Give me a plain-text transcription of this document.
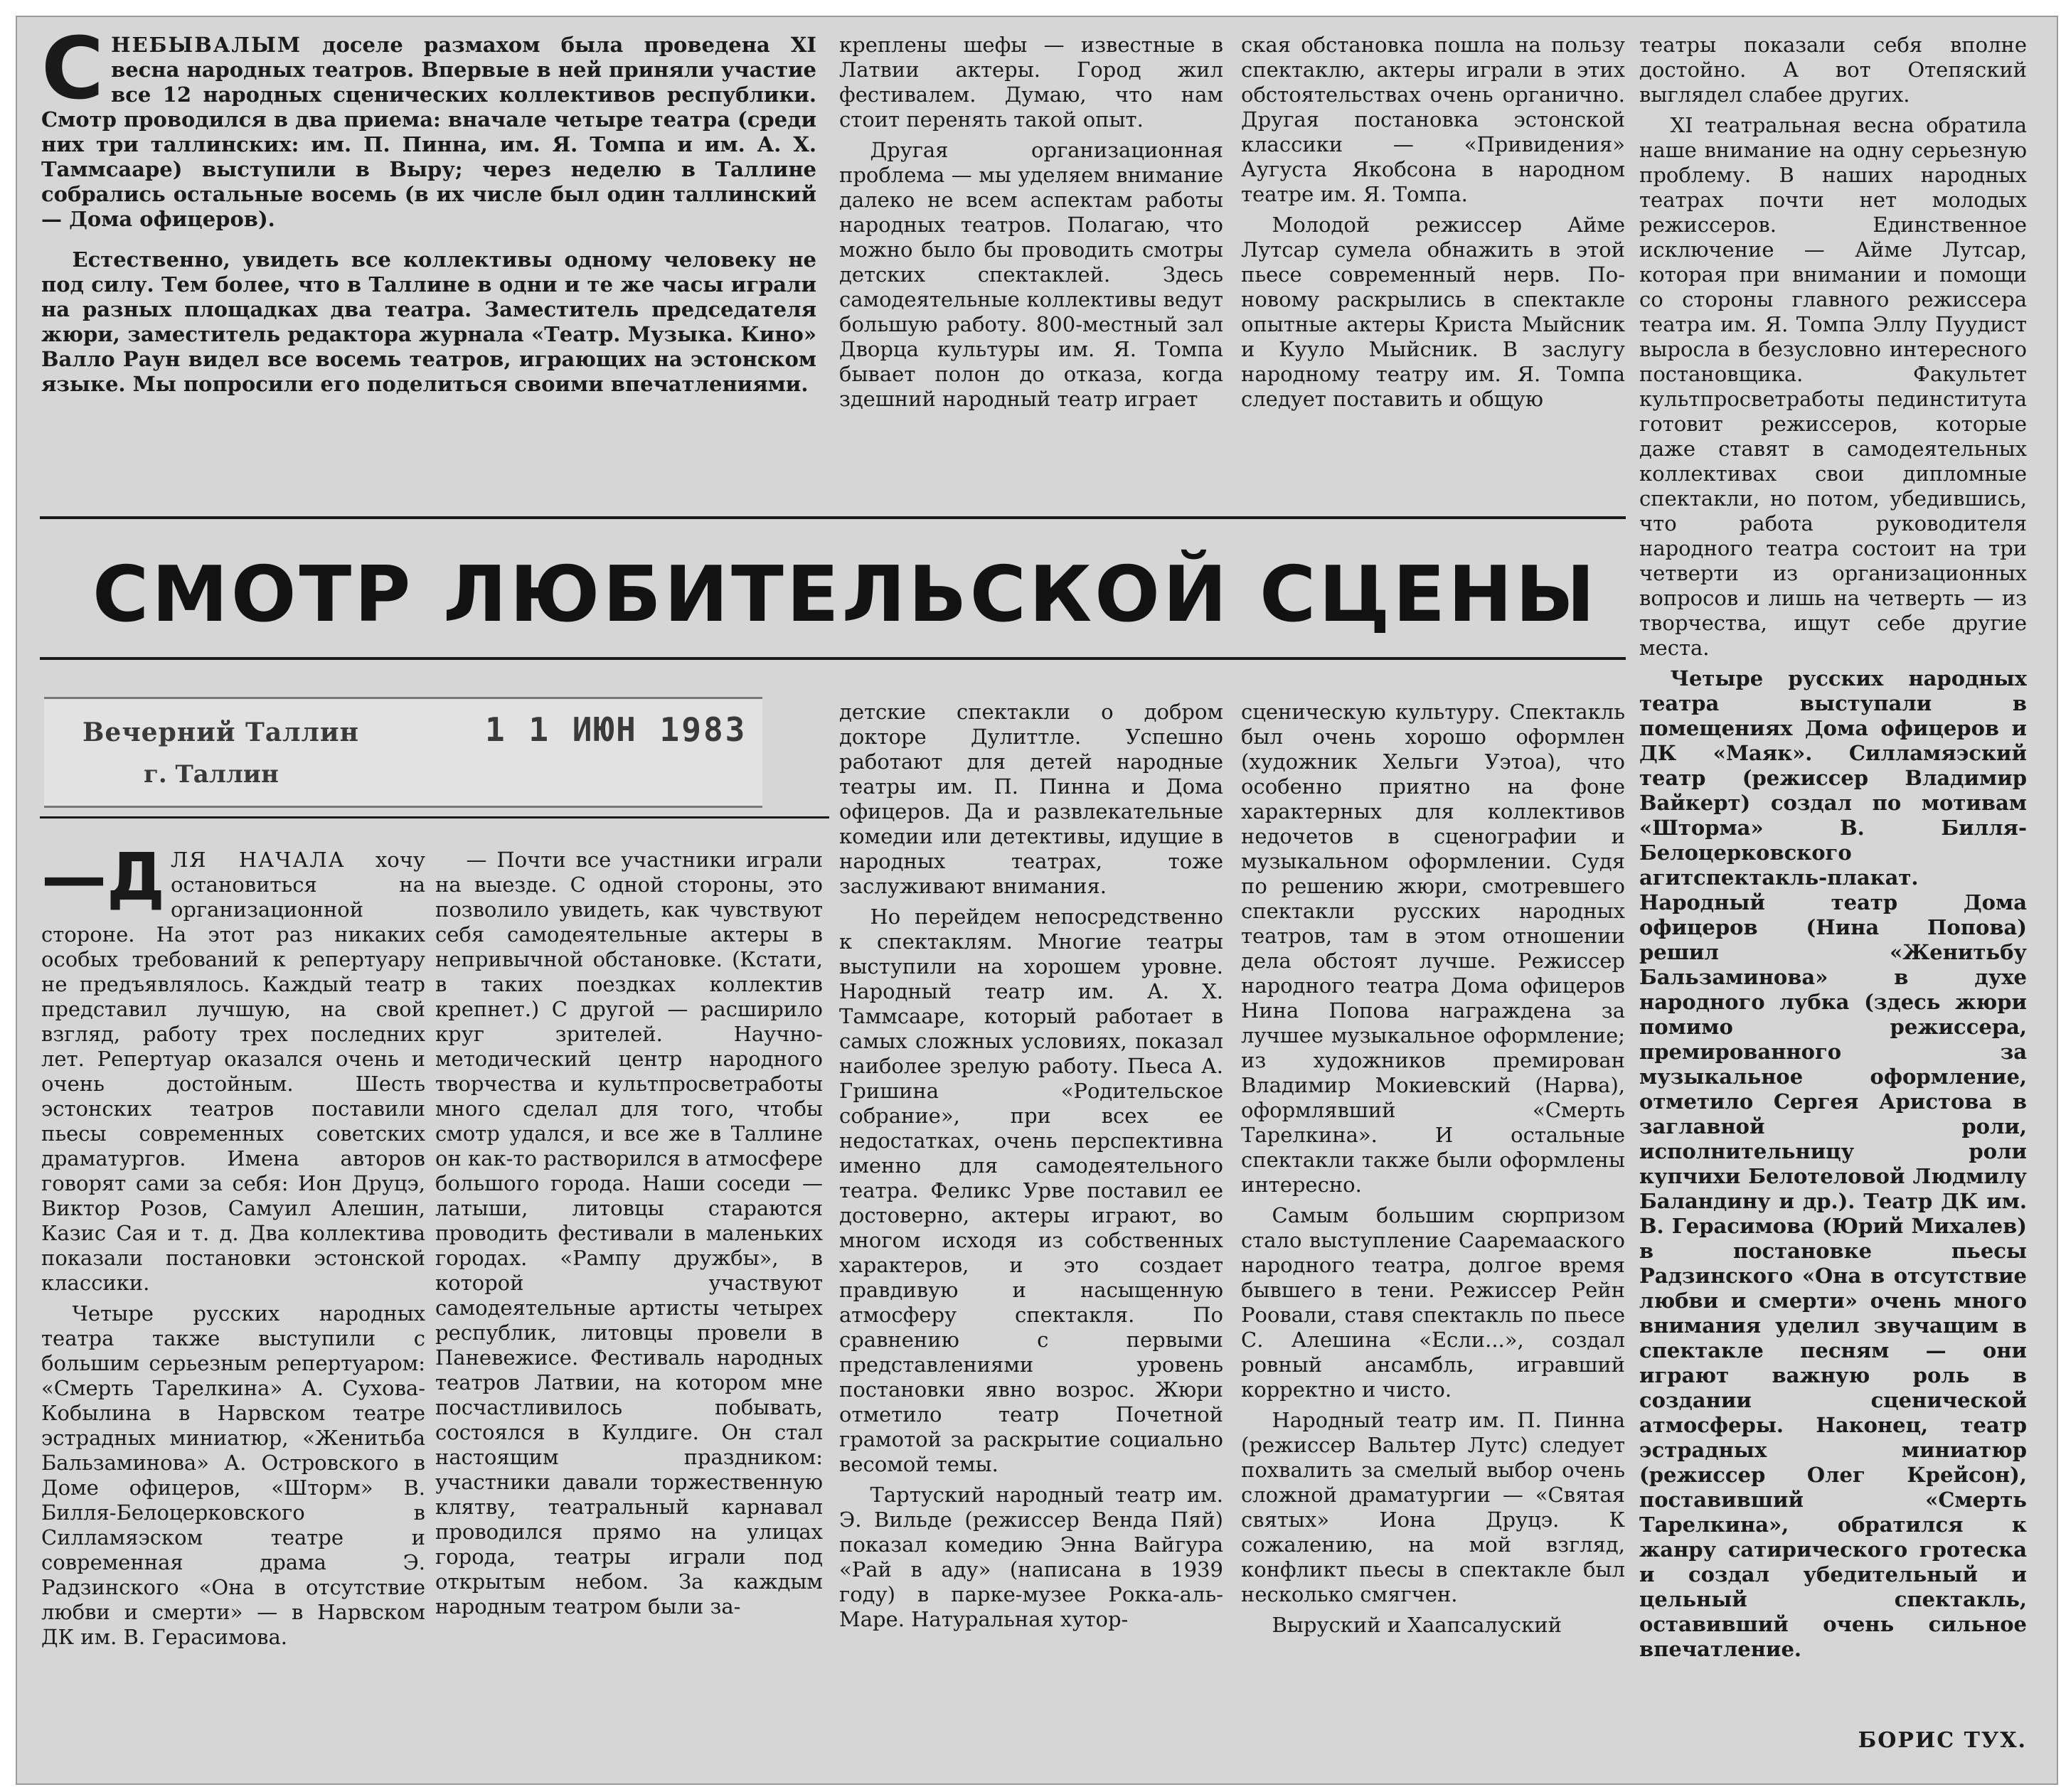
СНЕБЫВАЛЫМ доселе размахом была проведена XI весна народных театров. Впервые в ней приняли участие все 12 народных сценических коллективов республики. Смотр проводился в два приема: вначале четыре театра (среди них три таллинских: им. П. Пинна, им. Я. Томпа и им. А. Х. Таммсааре) выступили в Выру; через неделю в Таллине собрались остальные восемь (в их числе был один таллинский — Дома офицеров).

Естественно, увидеть все коллективы одному человеку не под силу. Тем более, что в Таллине в одни и те же часы играли на разных площадках два театра. Заместитель председателя жюри, заместитель редактора журнала «Театр. Музыка. Кино» Валло Раун видел все восемь театров, играющих на эстонском языке. Мы попросили его поделиться своими впечатлениями.

креплены шефы — известные в Латвии актеры. Город жил фестивалем. Думаю, что нам стоит перенять такой опыт.

Другая организационная проблема — мы уделяем внимание далеко не всем аспектам работы народных театров. Полагаю, что можно было бы проводить смотры детских спектаклей. Здесь самодеятельные коллективы ведут большую работу. 800-местный зал Дворца культуры им. Я. Томпа бывает полон до отказа, когда здешний народный театр играет

ская обстановка пошла на пользу спектаклю, актеры играли в этих обстоятельствах очень органично. Другая постановка эстонской классики — «Привидения» Аугуста Якобсона в народном театре им. Я. Томпа.

Молодой режиссер Айме Лутсар сумела обнажить в этой пьесе современный нерв. По-новому раскрылись в спектакле опытные актеры Криста Мыйсник и Кууло Мыйсник. В заслугу народному театру им. Я. Томпа следует поставить и общую

театры показали себя вполне достойно. А вот Отепяский выглядел слабее других.

XI театральная весна обратила наше внимание на одну серьезную проблему. В наших народных театрах почти нет молодых режиссеров. Единственное исключение — Айме Лутсар, которая при внимании и помощи со стороны главного режиссера театра им. Я. Томпа Эллу Пуудист выросла в безусловно интересного постановщика. Факультет культпросветработы пединститута готовит режиссеров, которые даже ставят в самодеятельных коллективах свои дипломные спектакли, но потом, убедившись, что работа руководителя народного театра состоит на три четверти из организационных вопросов и лишь на четверть — из творчества, ищут себе другие места.

Четыре русских народных театра выступали в помещениях Дома офицеров и ДК «Маяк». Силламяэский театр (режиссер Владимир Вайкерт) создал по мотивам «Шторма» В. Билля-Белоцерковского агитспектакль-плакат. Народный театр Дома офицеров (Нина Попова) решил «Женитьбу Бальзаминова» в духе народного лубка (здесь жюри помимо режиссера, премированного за музыкальное оформление, отметило Сергея Аристова в заглавной роли, исполнительницу роли купчихи Белотеловой Людмилу Баландину и др.). Театр ДК им. В. Герасимова (Юрий Михалев) в постановке пьесы Радзинского «Она в отсутствие любви и смерти» очень много внимания уделил звучащим в спектакле песням — они играют важную роль в создании сценической атмосферы. Наконец, театр эстрадных миниатюр (режиссер Олег Крейсон), поставивший «Смерть Тарелкина», обратился к жанру сатирического гротеска и создал убедительный и цельный спектакль, оставивший очень сильное впечатление.

СМОТР ЛЮБИТЕЛЬСКОЙ СЦЕНЫ
Вечерний Таллин	1 1 ИЮН 1983
г. Таллин

—Д ЛЯ НАЧАЛА хочу остановиться на организационной стороне. На этот раз никаких особых требований к репертуару не предъявлялось. Каждый театр представил лучшую, на свой взгляд, работу трех последних лет. Репертуар оказался очень и очень достойным. Шесть эстонских театров поставили пьесы современных советских драматургов. Имена авторов говорят сами за себя: Ион Друцэ, Виктор Розов, Самуил Алешин, Казис Сая и т. д. Два коллектива показали постановки эстонской классики.

Четыре русских народных театра также выступили с большим серьезным репертуаром: «Смерть Тарелкина» А. Сухова-Кобылина в Нарвском театре эстрадных миниатюр, «Женитьба Бальзаминова» А. Островского в Доме офицеров, «Шторм» В. Билля-Белоцерковского в Силламяэском театре и современная драма Э. Радзинского «Она в отсутствие любви и смерти» — в Нарвском ДК им. В. Герасимова.

— Почти все участники играли на выезде. С одной стороны, это позволило увидеть, как чувствуют себя самодеятельные актеры в непривычной обстановке. (Кстати, в таких поездках коллектив крепнет.) С другой — расширило круг зрителей. Научно-методический центр народного творчества и культпросветработы много сделал для того, чтобы смотр удался, и все же в Таллине он как-то растворился в атмосфере большого города. Наши соседи — латыши, литовцы стараются проводить фестивали в маленьких городах. «Рампу дружбы», в которой участвуют самодеятельные артисты четырех республик, литовцы провели в Паневежисе. Фестиваль народных театров Латвии, на котором мне посчастливилось побывать, состоялся в Кулдиге. Он стал настоящим праздником: участники давали торжественную клятву, театральный карнавал проводился прямо на улицах города, театры играли под открытым небом. За каждым народным театром были за-

детские спектакли о добром докторе Дулиттле. Успешно работают для детей народные театры им. П. Пинна и Дома офицеров. Да и развлекательные комедии или детективы, идущие в народных театрах, тоже заслуживают внимания.

Но перейдем непосредственно к спектаклям. Многие театры выступили на хорошем уровне. Народный театр им. А. Х. Таммсааре, который работает в самых сложных условиях, показал наиболее зрелую работу. Пьеса А. Гришина «Родительское собрание», при всех ее недостатках, очень перспективна именно для самодеятельного театра. Феликс Урве поставил ее достоверно, актеры играют, во многом исходя из собственных характеров, и это создает правдивую и насыщенную атмосферу спектакля. По сравнению с первыми представлениями уровень постановки явно возрос. Жюри отметило театр Почетной грамотой за раскрытие социально весомой темы.

Тартуский народный театр им. Э. Вильде (режиссер Венда Пяй) показал комедию Энна Вайгура «Рай в аду» (написана в 1939 году) в парке-музее Рокка-аль-Маре. Натуральная хутор-

сценическую культуру. Спектакль был очень хорошо оформлен (художник Хельги Уэтоа), что особенно приятно на фоне характерных для коллективов недочетов в сценографии и музыкальном оформлении. Судя по решению жюри, смотревшего спектакли русских народных театров, там в этом отношении дела обстоят лучше. Режиссер народного театра Дома офицеров Нина Попова награждена за лучшее музыкальное оформление; из художников премирован Владимир Мокиевский (Нарва), оформлявший «Смерть Тарелкина». И остальные спектакли также были оформлены интересно.

Самым большим сюрпризом стало выступление Сааремааского народного театра, долгое время бывшего в тени. Режиссер Рейн Роовали, ставя спектакль по пьесе С. Алешина «Если...», создал ровный ансамбль, игравший корректно и чисто.

Народный театр им. П. Пинна (режиссер Вальтер Лутс) следует похвалить за смелый выбор очень сложной драматургии — «Святая святых» Иона Друцэ. К сожалению, на мой взгляд, конфликт пьесы в спектакле был несколько смягчен.

Выруский и Хаапсалуский

БОРИС ТУХ.
